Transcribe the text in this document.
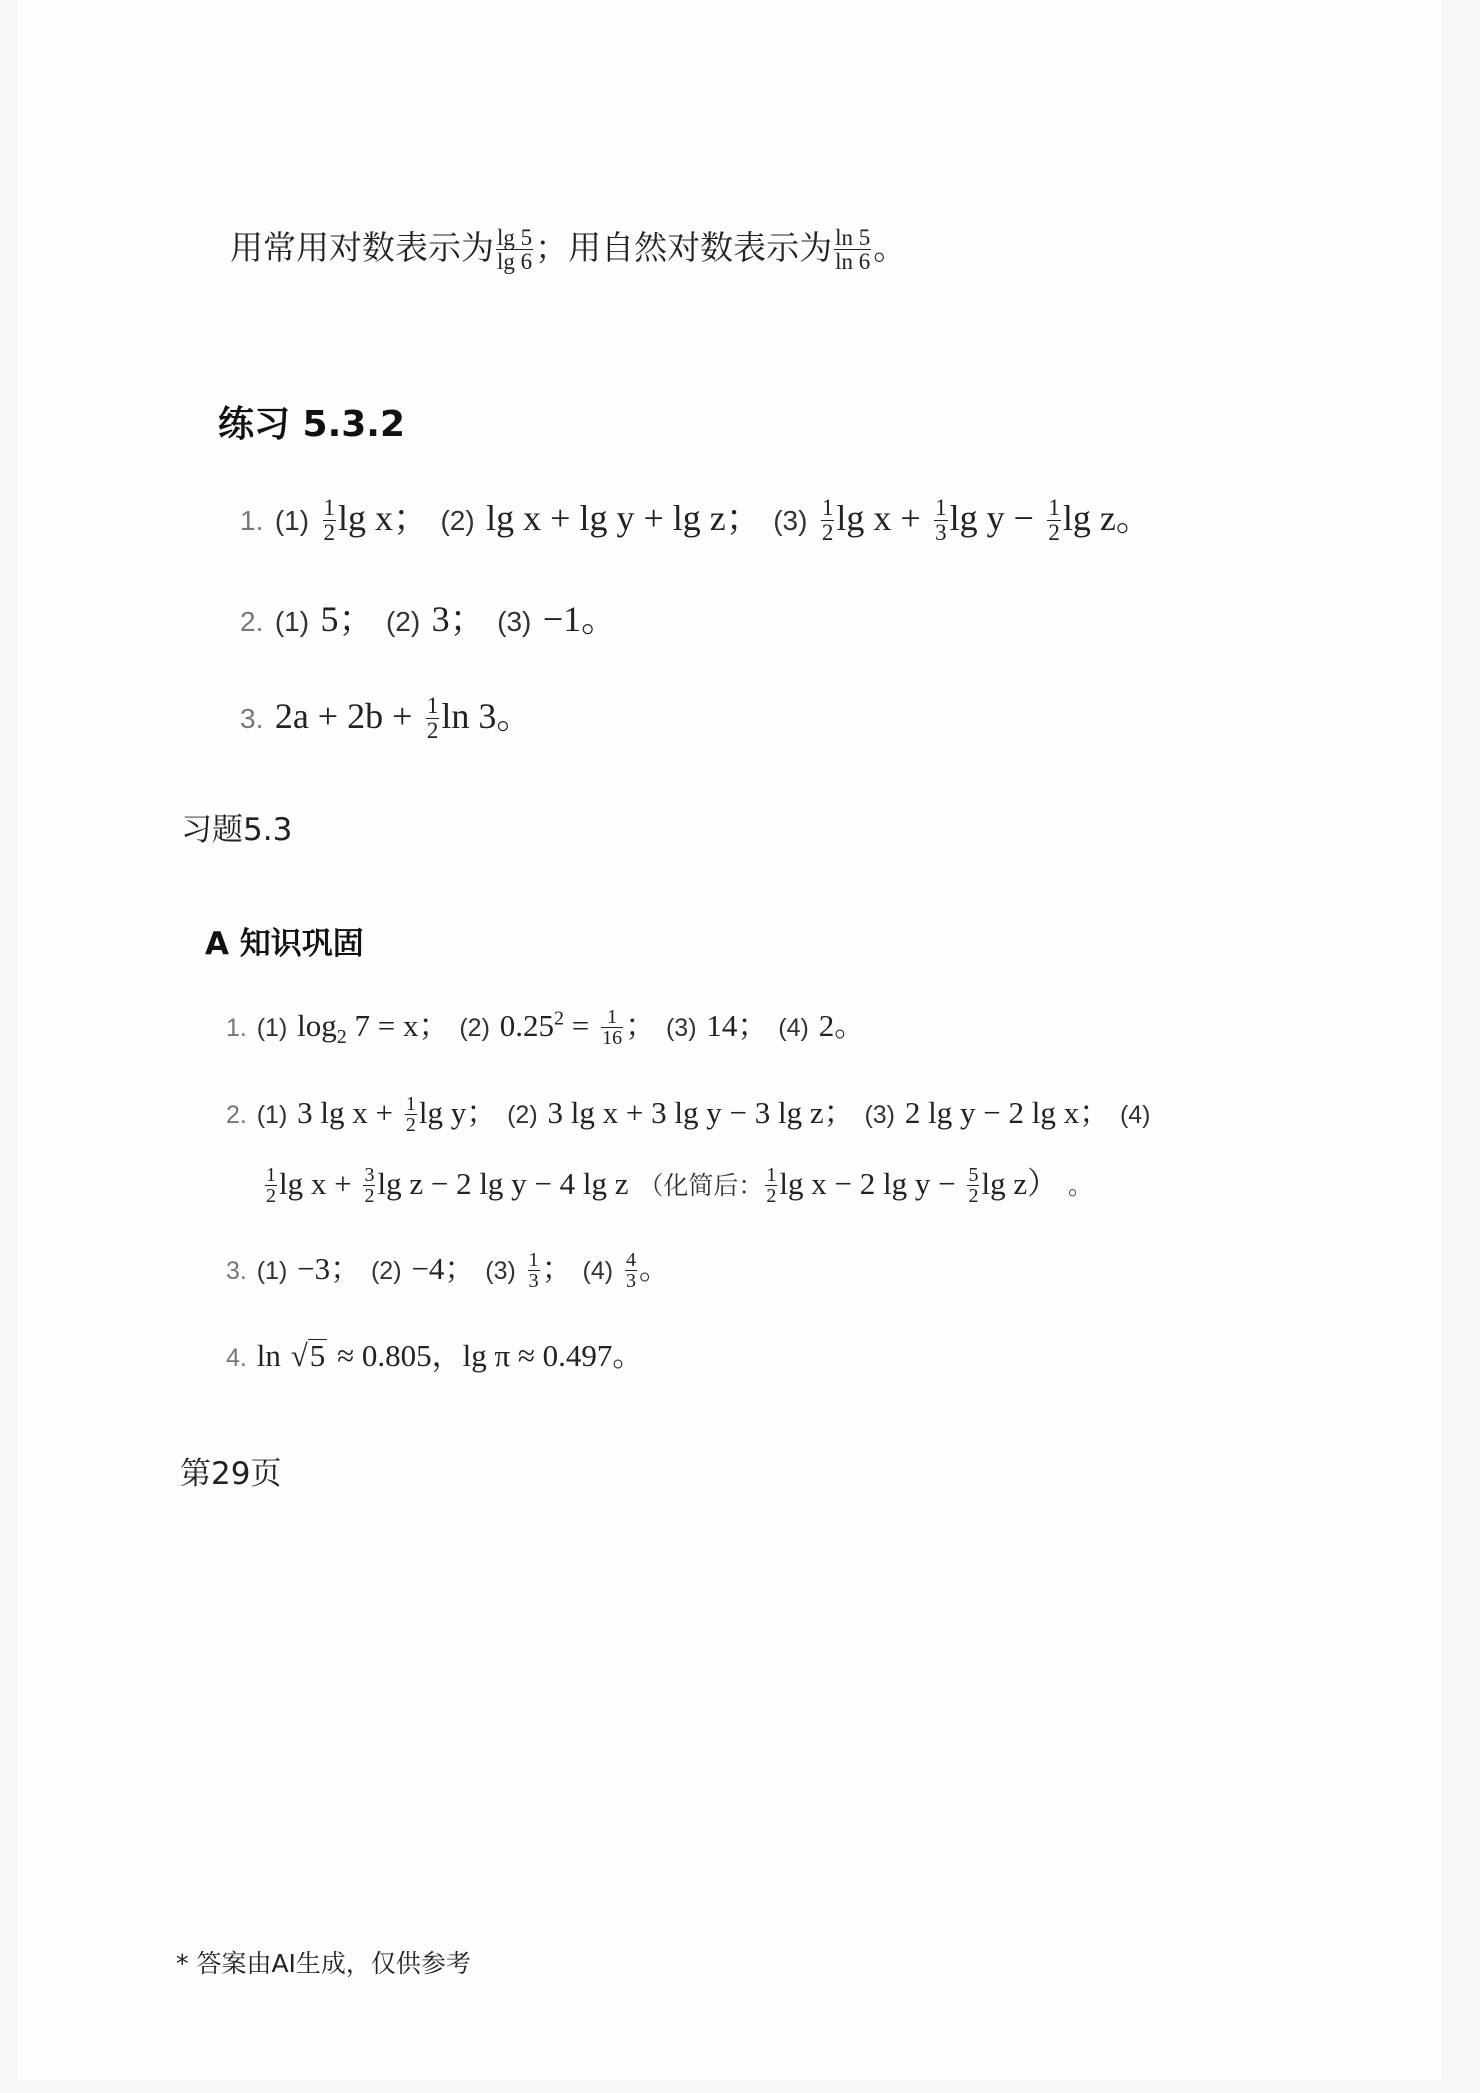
用常用对数表示为 $\frac{\lg 5}{\lg 6}$ ；用自然对数表示为 $\frac{\ln 5}{\ln 6}$ 。
练习 5.3.2
1. $(1) \frac{1}{2}$ lg x； (2) lg x + lg y + lg z； $(3) \frac{1}{2}$ $\lg x + \frac{1}{3}$ $\lg y - \frac{1}{2}$ lg z。
2. (1) 5； (2) 3； (3) −1。
3. $2a + 2b + \frac{1}{2}$ ln 3。
习题5.3
A 知识巩固
1. (1) $\log_2 7 = x$； (2) $0.25^2 = \frac{1}{16}$ ； (3) 14； (4) 2。
2. (1) 3 $\lg x + \frac{1}{2}$ lg y； (2) 3 lg x + 3 lg y − 3 lg z； (3) 2 lg y − 2 lg x； (4)
$\frac{1}{2}$ $\lg x + \frac{3}{2}$ lg z − 2 lg y − 4 lg z （化简后： $\frac{1}{2}$ lg x − 2 $\lg y - \frac{5}{2}$ lg z） 。
3. (1) −3； (2) −4； $(3) \frac{1}{3}$ ； $(4) \frac{4}{3}$ 。
4. ln √5 ≈ 0.805，lg π ≈ 0.497。
第29页
* 答案由AI生成，仅供参考
